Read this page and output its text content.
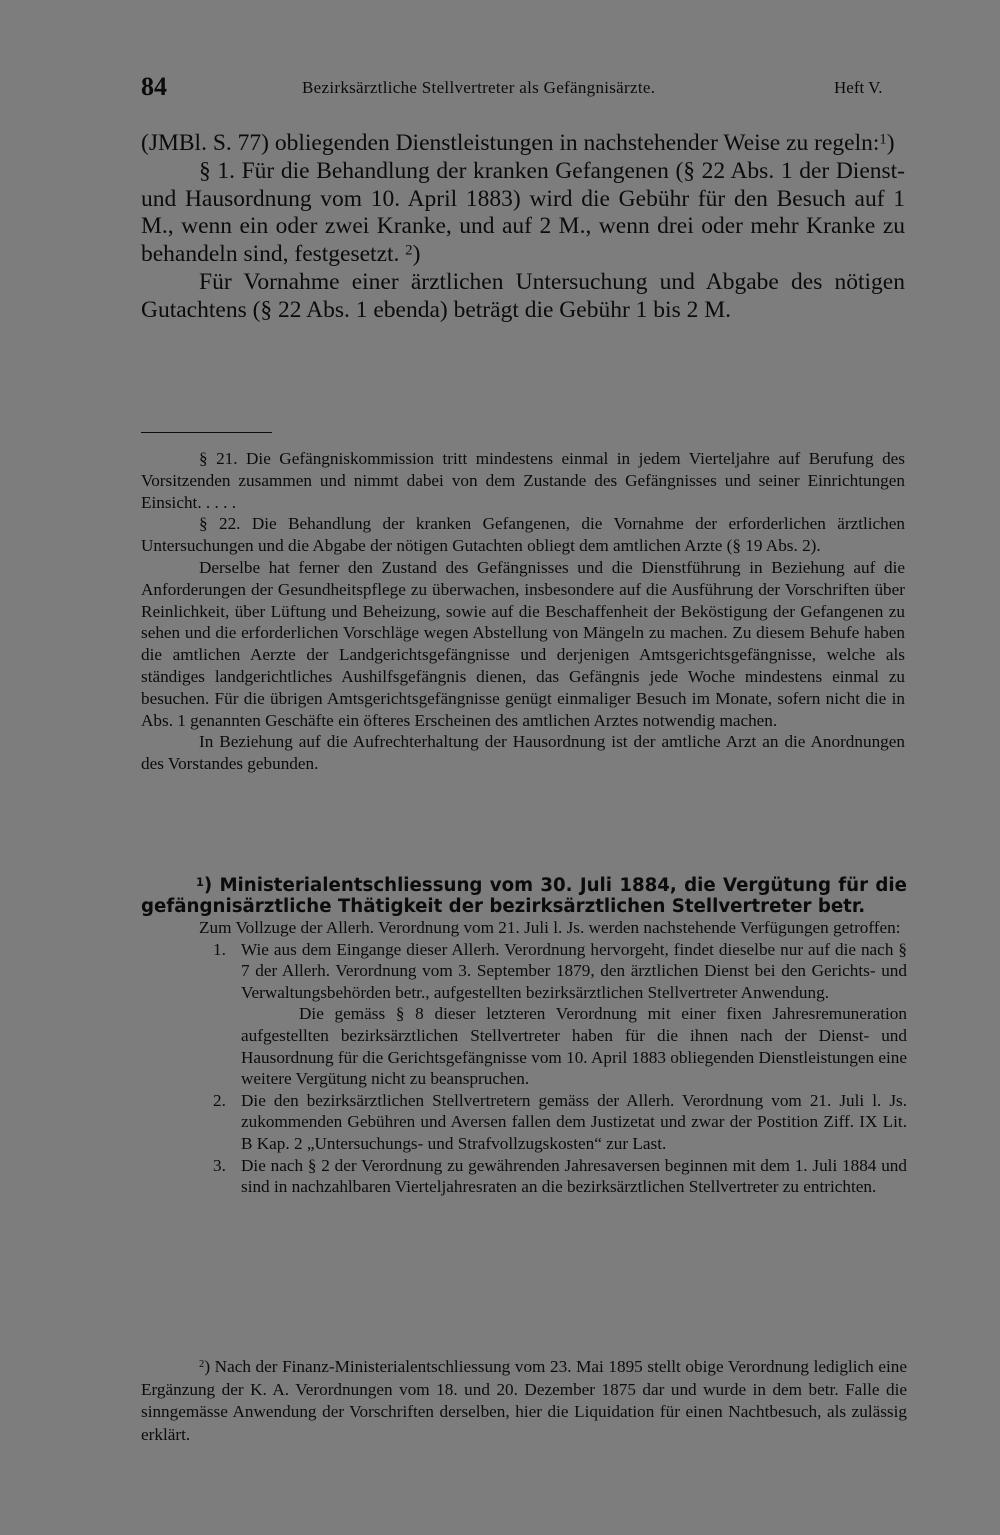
84	Bezirksärztliche Stellvertreter als Gefängnisärzte.	Heft V.

(JMBl. S. 77) obliegenden Dienstleistungen in nachstehender Weise zu regeln:$^1$)

§ 1. Für die Behandlung der kranken Gefangenen (§ 22 Abs. 1 der Dienst- und Hausordnung vom 10. April 1883) wird die Gebühr für den Besuch auf 1 M., wenn ein oder zwei Kranke, und auf 2 M., wenn drei oder mehr Kranke zu behandeln sind, festgesetzt. $^2$)

Für Vornahme einer ärztlichen Untersuchung und Abgabe des nötigen Gutachtens (§ 22 Abs. 1 ebenda) beträgt die Gebühr 1 bis 2 M.

§ 21. Die Gefängniskommission tritt mindestens einmal in jedem Vierteljahre auf Berufung des Vorsitzenden zusammen und nimmt dabei von dem Zustande des Gefängnisses und seiner Einrichtungen Einsicht. . . . .

§ 22. Die Behandlung der kranken Gefangenen, die Vornahme der erforderlichen ärztlichen Untersuchungen und die Abgabe der nötigen Gutachten obliegt dem amtlichen Arzte (§ 19 Abs. 2).

Derselbe hat ferner den Zustand des Gefängnisses und die Dienstführung in Beziehung auf die Anforderungen der Gesundheitspflege zu überwachen, insbesondere auf die Ausführung der Vorschriften über Reinlichkeit, über Lüftung und Beheizung, sowie auf die Beschaffenheit der Beköstigung der Gefangenen zu sehen und die erforderlichen Vorschläge wegen Abstellung von Mängeln zu machen. Zu diesem Behufe haben die amtlichen Aerzte der Landgerichtsgefängnisse und derjenigen Amtsgerichtsgefängnisse, welche als ständiges landgerichtliches Aushilfsgefängnis dienen, das Gefängnis jede Woche mindestens einmal zu besuchen. Für die übrigen Amtsgerichtsgefängnisse genügt einmaliger Besuch im Monate, sofern nicht die in Abs. 1 genannten Geschäfte ein öfteres Erscheinen des amtlichen Arztes notwendig machen.

In Beziehung auf die Aufrechterhaltung der Hausordnung ist der amtliche Arzt an die Anordnungen des Vorstandes gebunden.

$^1$) Ministerialentschliessung vom 30. Juli 1884, die Vergütung für die gefängnisärztliche Thätigkeit der bezirksärztlichen Stellvertreter betr.

Zum Vollzuge der Allerh. Verordnung vom 21. Juli l. Js. werden nachstehende Verfügungen getroffen:

1. Wie aus dem Eingange dieser Allerh. Verordnung hervorgeht, findet dieselbe nur auf die nach § 7 der Allerh. Verordnung vom 3. September 1879, den ärztlichen Dienst bei den Gerichts- und Verwaltungsbehörden betr., aufgestellten bezirksärztlichen Stellvertreter Anwendung.

Die gemäss § 8 dieser letzteren Verordnung mit einer fixen Jahresremuneration aufgestellten bezirksärztlichen Stellvertreter haben für die ihnen nach der Dienst- und Hausordnung für die Gerichtsgefängnisse vom 10. April 1883 obliegenden Dienstleistungen eine weitere Vergütung nicht zu beanspruchen.

2. Die den bezirksärztlichen Stellvertretern gemäss der Allerh. Verordnung vom 21. Juli l. Js. zukommenden Gebühren und Aversen fallen dem Justizetat und zwar der Postition Ziff. IX Lit. B Kap. 2 „Untersuchungs- und Strafvollzugskosten“ zur Last.

3. Die nach § 2 der Verordnung zu gewährenden Jahresaversen beginnen mit dem 1. Juli 1884 und sind in nachzahlbaren Vierteljahresraten an die bezirksärztlichen Stellvertreter zu entrichten.

$^2$) Nach der Finanz-Ministerialentschliessung vom 23. Mai 1895 stellt obige Verordnung lediglich eine Ergänzung der K. A. Verordnungen vom 18. und 20. Dezember 1875 dar und wurde in dem betr. Falle die sinngemässe Anwendung der Vorschriften derselben, hier die Liquidation für einen Nachtbesuch, als zulässig erklärt.
